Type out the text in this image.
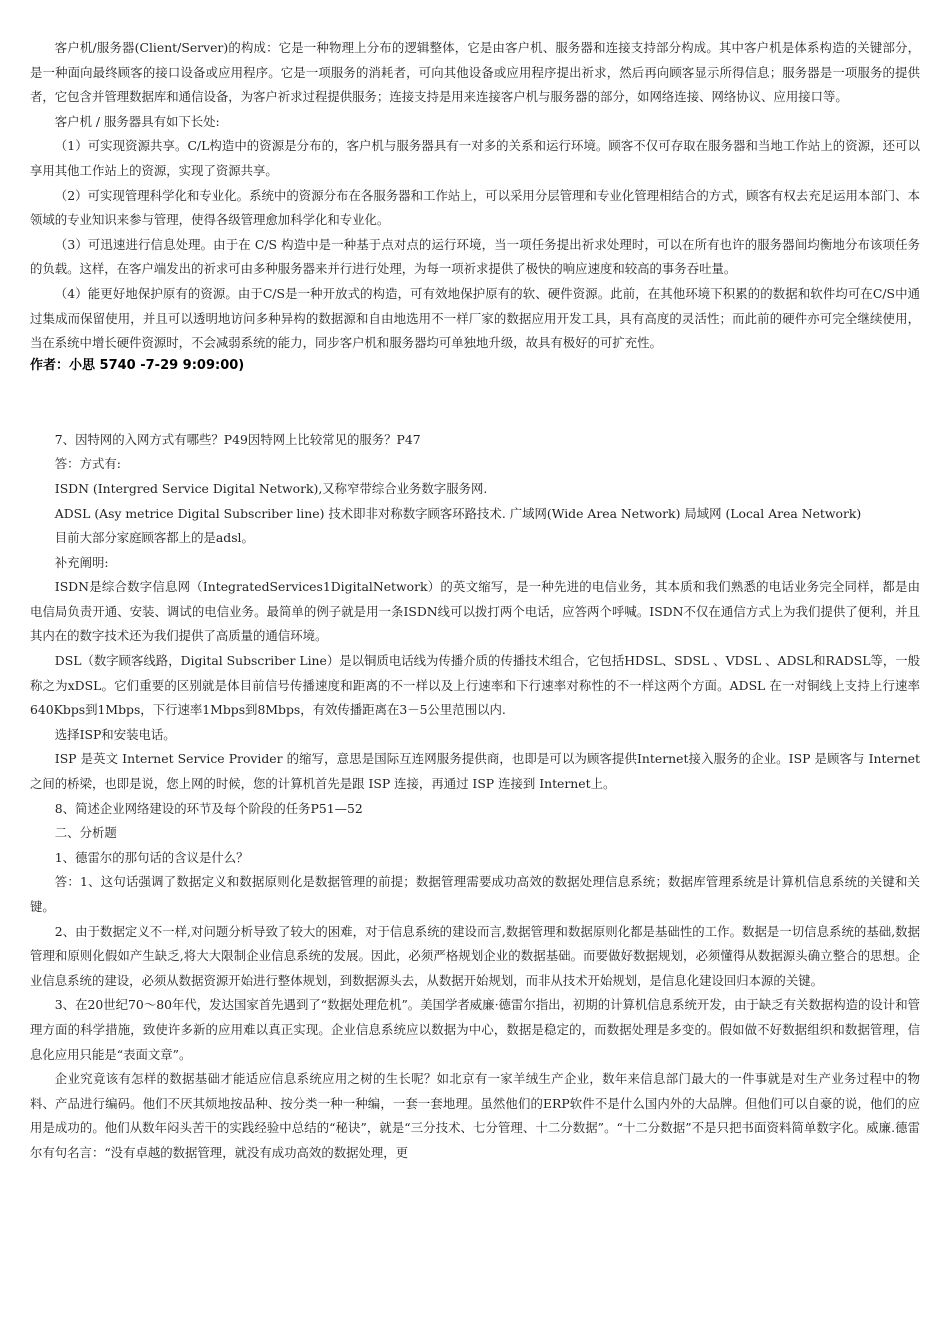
客户机/服务器(Client/Server)的构成：它是一种物理上分布的逻辑整体，它是由客户机、服务器和连接支持部分构成。其中客户机是体系构造的关键部分，是一种面向最终顾客的接口设备或应用程序。它是一项服务的消耗者，可向其他设备或应用程序提出祈求，然后再向顾客显示所得信息；服务器是一项服务的提供者，它包含并管理数据库和通信设备，为客户祈求过程提供服务；连接支持是用来连接客户机与服务器的部分，如网络连接、网络协议、应用接口等。

客户机 / 服务器具有如下长处:

（1）可实现资源共享。C/L构造中的资源是分布的，客户机与服务器具有一对多的关系和运行环境。顾客不仅可存取在服务器和当地工作站上的资源，还可以享用其他工作站上的资源，实现了资源共享。

（2）可实现管理科学化和专业化。系统中的资源分布在各服务器和工作站上，可以采用分层管理和专业化管理相结合的方式，顾客有权去充足运用本部门、本领域的专业知识来参与管理，使得各级管理愈加科学化和专业化。

（3）可迅速进行信息处理。由于在 C/S 构造中是一种基于点对点的运行环境，当一项任务提出祈求处理时，可以在所有也许的服务器间均衡地分布该项任务的负载。这样，在客户端发出的祈求可由多种服务器来并行进行处理，为每一项祈求提供了极快的响应速度和较高的事务吞吐量。

（4）能更好地保护原有的资源。由于C/S是一种开放式的构造，可有效地保护原有的软、硬件资源。此前，在其他环境下积累的的数据和软件均可在C/S中通过集成而保留使用，并且可以透明地访问多种异构的数据源和自由地选用不一样厂家的数据应用开发工具，具有高度的灵活性；而此前的硬件亦可完全继续使用，当在系统中增长硬件资源时，不会减弱系统的能力，同步客户机和服务器均可单独地升级，故具有极好的可扩充性。

作者：小思 5740 -7-29 9:09:00)

7、因特网的入网方式有哪些？P49因特网上比较常见的服务？P47

答：方式有:

ISDN (Intergred Service Digital Network),又称窄带综合业务数字服务网.

ADSL (Asy metrice Digital Subscriber line) 技术即非对称数字顾客环路技术. 广域网(Wide Area Network) 局域网 (Local Area Network)

目前大部分家庭顾客都上的是adsl。

补充阐明:

ISDN是综合数字信息网（IntegratedServices1DigitalNetwork）的英文缩写，是一种先进的电信业务，其本质和我们熟悉的电话业务完全同样，都是由电信局负责开通、安装、调试的电信业务。最简单的例子就是用一条ISDN线可以拨打两个电话，应答两个呼喊。ISDN不仅在通信方式上为我们提供了便利，并且其内在的数字技术还为我们提供了高质量的通信环境。

DSL（数字顾客线路，Digital Subscriber Line）是以铜质电话线为传播介质的传播技术组合，它包括HDSL、SDSL 、VDSL 、ADSL和RADSL等，一般称之为xDSL。它们重要的区别就是体目前信号传播速度和距离的不一样以及上行速率和下行速率对称性的不一样这两个方面。ADSL 在一对铜线上支持上行速率640Kbps到1Mbps，下行速率1Mbps到8Mbps，有效传播距离在3－5公里范围以内.

选择ISP和安装电话。

ISP 是英文 Internet Service Provider 的缩写，意思是国际互连网服务提供商，也即是可以为顾客提供Internet接入服务的企业。ISP 是顾客与 Internet 之间的桥梁，也即是说，您上网的时候，您的计算机首先是跟 ISP 连接，再通过 ISP 连接到 Internet上。

8、简述企业网络建设的环节及每个阶段的任务P51—52

二、分析题

1、德雷尔的那句话的含议是什么？

答：1、这句话强调了数据定义和数据原则化是数据管理的前提；数据管理需要成功高效的数据处理信息系统；数据库管理系统是计算机信息系统的关键和关键。

2、由于数据定义不一样,对问题分析导致了较大的困难，对于信息系统的建设而言,数据管理和数据原则化都是基础性的工作。数据是一切信息系统的基础,数据管理和原则化假如产生缺乏,将大大限制企业信息系统的发展。因此，必须严格规划企业的数据基础。而要做好数据规划，必须懂得从数据源头确立整合的思想。企业信息系统的建设，必须从数据资源开始进行整体规划，到数据源头去，从数据开始规划，而非从技术开始规划，是信息化建设回归本源的关键。

3、在20世纪70～80年代，发达国家首先遇到了“数据处理危机”。美国学者威廉·德雷尔指出，初期的计算机信息系统开发，由于缺乏有关数据构造的设计和管理方面的科学措施，致使许多新的应用难以真正实现。企业信息系统应以数据为中心，数据是稳定的，而数据处理是多变的。假如做不好数据组织和数据管理，信息化应用只能是“表面文章”。

企业究竟该有怎样的数据基础才能适应信息系统应用之树的生长呢？如北京有一家羊绒生产企业，数年来信息部门最大的一件事就是对生产业务过程中的物料、产品进行编码。他们不厌其烦地按品种、按分类一种一种编，一套一套地理。虽然他们的ERP软件不是什么国内外的大品牌。但他们可以自豪的说，他们的应用是成功的。他们从数年闷头苦干的实践经验中总结的“秘诀”，就是“三分技术、七分管理、十二分数据”。“十二分数据”不是只把书面资料简单数字化。威廉.德雷尔有句名言：“没有卓越的数据管理，就没有成功高效的数据处理，更
